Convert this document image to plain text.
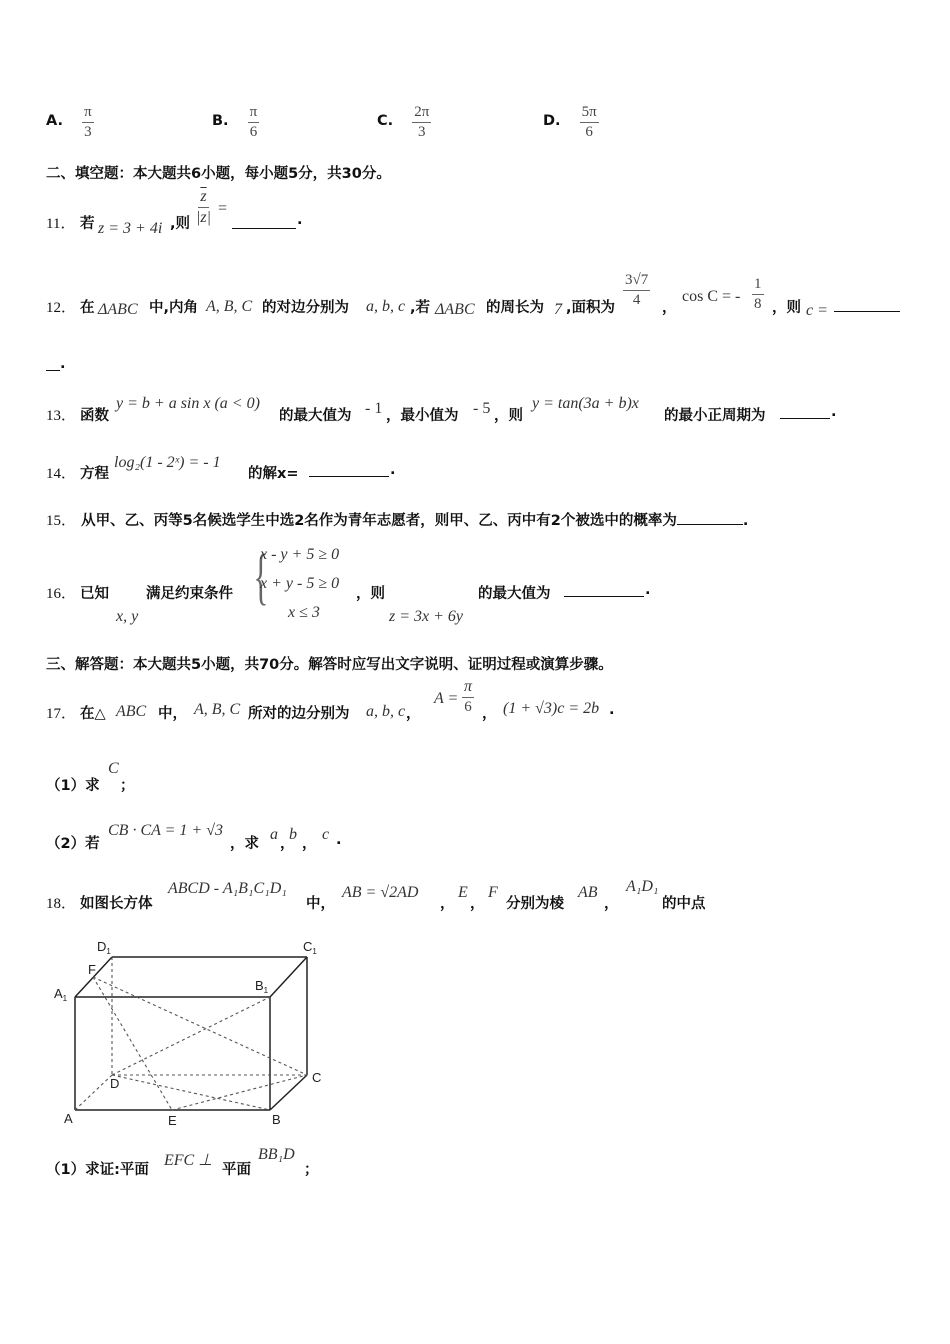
A. $\frac{\pi}{3}$	B. $\frac{\pi}{6}$	C. $\frac{2\pi}{3}$	D. $\frac{5\pi}{6}$
二、填空题：本大题共6小题，每小题5分，共30分。
11． 若 z = 3 + 4i ,则 $\frac{\overline{z}}{|z|}$ =
.
12． 在 ΔABC 中,内角 A, B, C 的对边分别为 a, b, c ,若 ΔABC 的周长为 7 ,面积为 $\frac{3√7}{4}$ ，
cos C = - $\frac{1}{8}$ ，则 c =
.
13． 函数
y = b + a sin x (a < 0)
的最大值为 - 1 ，最小值为 - 5 ，则
y = tan(3a + b)x
的最小正周期为	.
14． 方程
log₂(1 - 2ˣ) = - 1
的解x=	.
15． 从甲、乙、丙等5名候选学生中选2名作为青年志愿者，则甲、乙、丙中有2个被选中的概率为	.
16． 已知
x, y
满足约束条件 {
x - y + 5 ≥ 0
x + y - 5 ≥ 0
x ≤ 3
，则
z = 3x + 6y
的最大值为	.
三、解答题：本大题共5小题，共70分。解答时应写出文字说明、证明过程或演算步骤。
17． 在△ ABC 中， A, B, C 所对的边分别为 a, b, c ，
$A = \frac{\pi}{6}$ ， (1 + √3)c = 2b .
（1）求
C
；
（2）若
CB · CA = 1 + √3
，求
a
，
b
，
c .
18． 如图长方体
ABCD - A₁B₁C₁D₁
中，
AB = √2AD
，
E
，
F
分别为棱
AB
，
A₁D₁
的中点
$D_1$	$C_1$
F
$A_1$
$B_1$
D	C
A	E	B
（1）求证:平面
EFC ⊥
平面
BB₁D
；
